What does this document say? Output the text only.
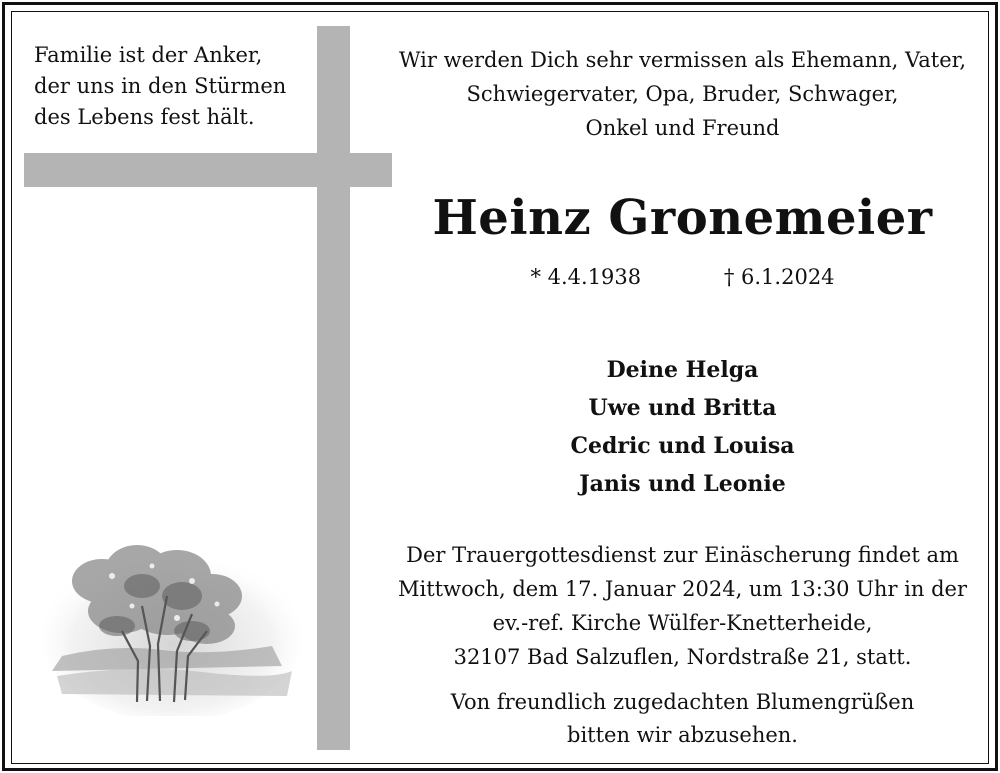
Familie ist der Anker,
der uns in den Stürmen
des Lebens fest hält.
Wir werden Dich sehr vermissen als Ehemann, Vater,
Schwiegervater, Opa, Bruder, Schwager,
Onkel und Freund
Heinz Gronemeier
* 4.4.1938	† 6.1.2024
Deine Helga
Uwe und Britta
Cedric und Louisa
Janis und Leonie
Der Trauergottesdienst zur Einäscherung findet am
Mittwoch, dem 17. Januar 2024, um 13:30 Uhr in der
ev.-ref. Kirche Wülfer-Knetterheide,
32107 Bad Salzuflen, Nordstraße 21, statt.
Von freundlich zugedachten Blumengrüßen
bitten wir abzusehen.
